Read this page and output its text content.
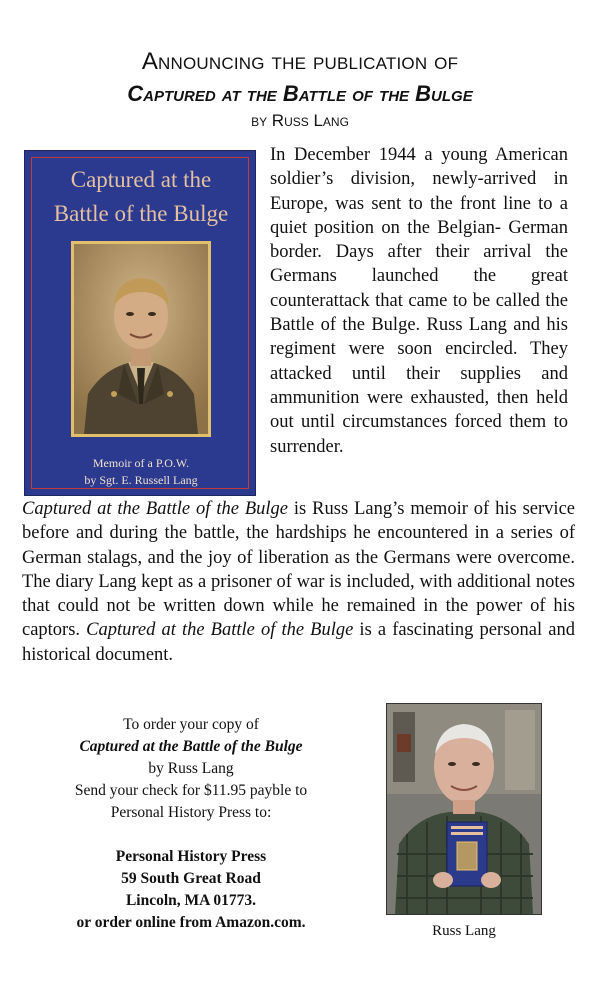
Announcing the publication of
Captured at the Battle of the Bulge
by Russ Lang
Captured at the
Battle of the Bulge
Memoir of a P.O.W.
by Sgt. E. Russell Lang

In December 1944 a young American soldier’s division, newly-arrived in Europe, was sent to the front line to a quiet position on the Belgian- German border. Days after their arrival the Germans launched the great counterattack that came to be called the Battle of the Bulge. Russ Lang and his regiment were soon encircled. They attacked until their supplies and ammunition were exhausted, then held out until circumstances forced them to surrender.

Captured at the Battle of the Bulge is Russ Lang’s memoir of his service before and during the battle, the hardships he encountered in a series of German stalags, and the joy of liberation as the Germans were overcome. The diary Lang kept as a prisoner of war is included, with additional notes that could not be written down while he remained in the power of his captors. Captured at the Battle of the Bulge is a fascinating personal and historical document.

To order your copy of
Captured at the Battle of the Bulge
by Russ Lang
Send your check for $11.95 payble to
Personal History Press to:
Personal History Press
59 South Great Road
Lincoln, MA 01773.
or order online from Amazon.com.	Russ Lang
